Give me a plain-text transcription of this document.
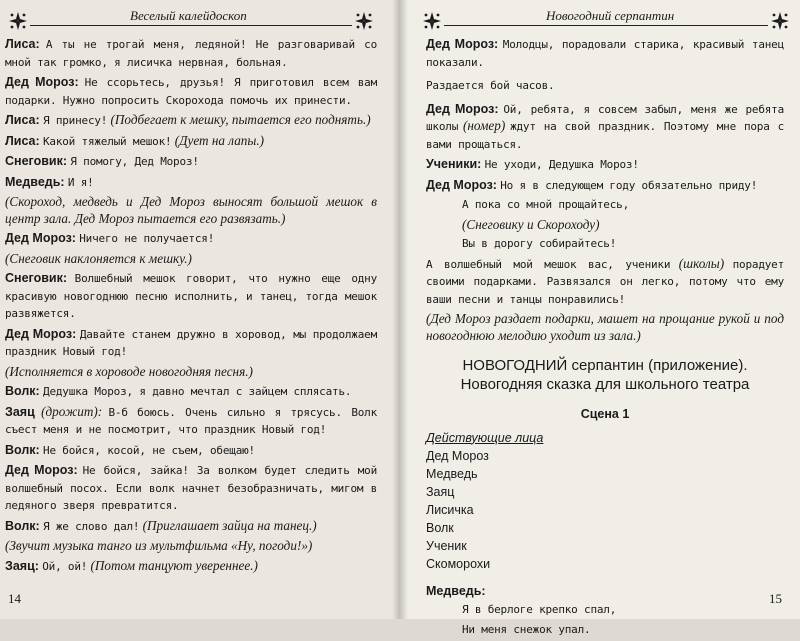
Веселый калейдоскоп
Лиса: А ты не трогай меня, ледяной! Не разговаривай со мной так громко, я лисичка нервная, больная.
Дед Мороз: Не ссорьтесь, друзья! Я приготовил всем вам подарки. Нужно попросить Скорохода помочь их принести.
Лиса: Я принесу! (Подбегает к мешку, пытается его поднять.)
Лиса: Какой тяжелый мешок! (Дует на лапы.)
Снеговик: Я помогу, Дед Мороз!
Медведь: И я!
(Скороход, медведь и Дед Мороз выносят большой мешок в центр зала. Дед Мороз пытается его развязать.)
Дед Мороз: Ничего не получается!
(Снеговик наклоняется к мешку.)
Снеговик: Волшебный мешок говорит, что нужно еще одну красивую новогоднюю песню исполнить, и танец, тогда мешок развяжется.
Дед Мороз: Давайте станем дружно в хоровод, мы продолжаем праздник Новый год!
(Исполняется в хороводе новогодняя песня.)
Волк: Дедушка Мороз, я давно мечтал с зайцем сплясать.
Заяц (дрожит): В-б боюсь. Очень сильно я трясусь. Волк съест меня и не посмотрит, что праздник Новый год!
Волк: Не бойся, косой, не съем, обещаю!
Дед Мороз: Не бойся, зайка! За волком будет следить мой волшебный посох. Если волк начнет безобразничать, мигом в ледяного зверя превратится.
Волк: Я же слово дал! (Приглашает зайца на танец.)
(Звучит музыка танго из мультфильма «Ну, погоди!»)
Заяц: Ой, ой! (Потом танцуют увереннее.)
14
Новогодний серпантин
Дед Мороз: Молодцы, порадовали старика, красивый танец показали.
Раздается бой часов.
Дед Мороз: Ой, ребята, я совсем забыл, меня же ребята школы (номер) ждут на свой праздник. Поэтому мне пора с вами прощаться.
Ученики: Не уходи, Дедушка Мороз!
Дед Мороз: Но я в следующем году обязательно приду!
А пока со мной прощайтесь,
(Снеговику и Скороходу)
Вы в дорогу собирайтесь!
А волшебный мой мешок вас, ученики (школы) порадует своими подарками. Развязался он легко, потому что ему ваши песни и танцы понравились!
(Дед Мороз раздает подарки, машет на прощание рукой и под новогоднюю мелодию уходит из зала.)
НОВОГОДНИЙ серпантин (приложение).
Новогодняя сказка для школьного театра
Сцена 1
Действующие лица
Дед Мороз
Медведь
Заяц
Лисичка
Волк
Ученик
Скоморохи
Медведь:
Я в берлоге крепко спал,
Ни меня снежок упал.
15
